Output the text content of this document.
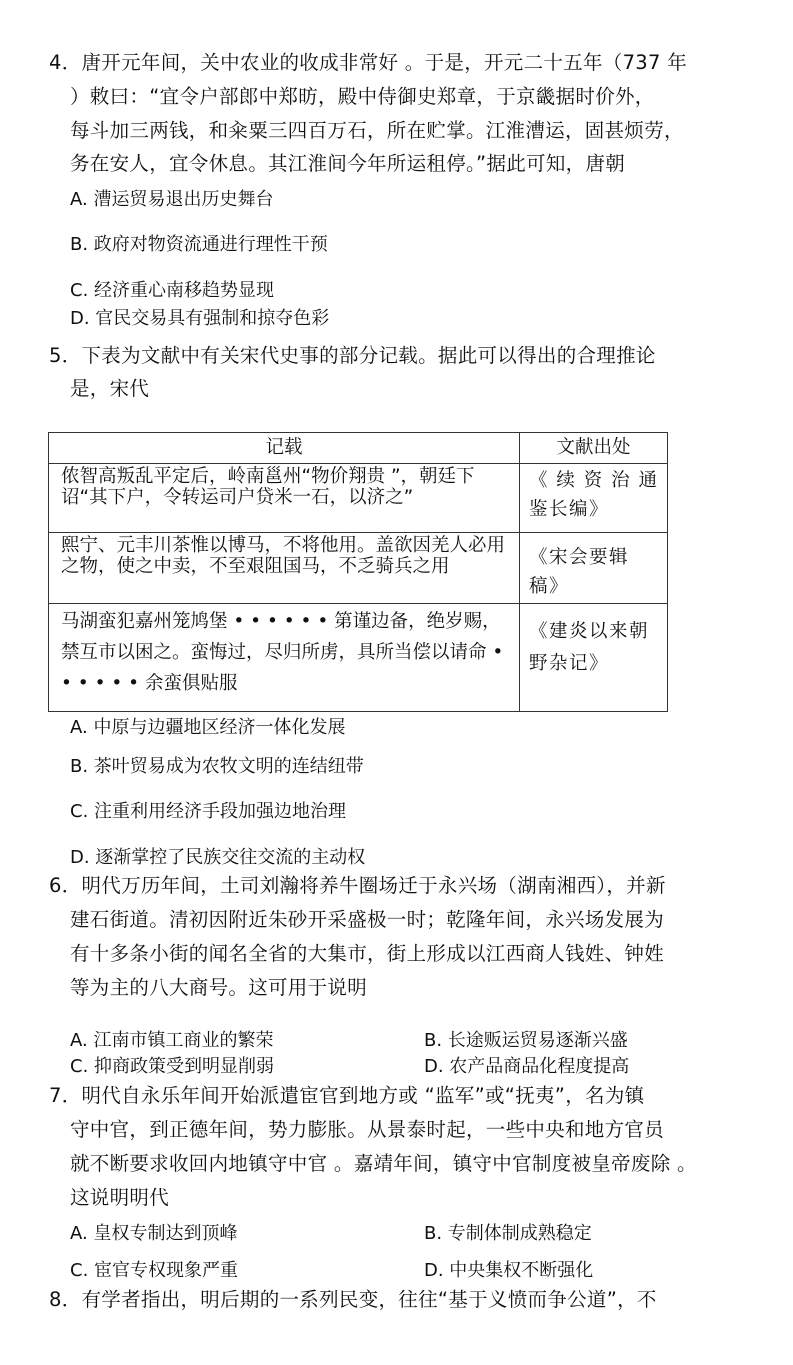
4．唐开元年间，关中农业的收成非常好 。于是，开元二十五年（737 年
）敕曰：“宜令户部郎中郑昉，殿中侍御史郑章，于京畿据时价外，
每斗加三两钱，和籴粟三四百万石，所在贮掌。江淮漕运，固甚烦劳，
务在安人，宜令休息。其江淮间今年所运租停。”据此可知，唐朝
A. 漕运贸易退出历史舞台
B. 政府对物资流通进行理性干预
C. 经济重心南移趋势显现
D. 官民交易具有强制和掠夺色彩
5．下表为文献中有关宋代史事的部分记载。据此可以得出的合理推论
是，宋代
记载	文献出处
侬智高叛乱平定后，岭南邕州“物价翔贵 ”，朝廷下诏“其下户，令转运司户贷米一石，以济之”	《 续 资 治 通 鉴长编》
熙宁、元丰川茶惟以博马，不将他用。盖欲因羌人必用之物，使之中卖，不至艰阻国马，不乏骑兵之用	《宋会要辑稿》
马湖蛮犯嘉州笼鸠堡 • • • • • • 第谨边备，绝岁赐，禁互市以困之。蛮悔过，尽归所虏，具所当偿以请命 • • • • • • 余蛮俱贴服	《建炎以来朝野杂记》
A. 中原与边疆地区经济一体化发展
B. 茶叶贸易成为农牧文明的连结纽带
C. 注重利用经济手段加强边地治理
D. 逐渐掌控了民族交往交流的主动权
6．明代万历年间，土司刘瀚将养牛圈场迁于永兴场（湖南湘西），并新
建石街道。清初因附近朱砂开采盛极一时；乾隆年间，永兴场发展为
有十多条小街的闻名全省的大集市，街上形成以江西商人钱姓、钟姓
等为主的八大商号。这可用于说明
A. 江南市镇工商业的繁荣	B. 长途贩运贸易逐渐兴盛
C. 抑商政策受到明显削弱	D. 农产品商品化程度提高
7．明代自永乐年间开始派遣宦官到地方或 “监军”或“抚夷”，名为镇
守中官，到正德年间，势力膨胀。从景泰时起，一些中央和地方官员
就不断要求收回内地镇守中官 。嘉靖年间，镇守中官制度被皇帝废除 。
这说明明代
A. 皇权专制达到顶峰	B. 专制体制成熟稳定
C. 宦官专权现象严重	D. 中央集权不断强化
8．有学者指出，明后期的一系列民变，往往“基于义愤而争公道”，不
